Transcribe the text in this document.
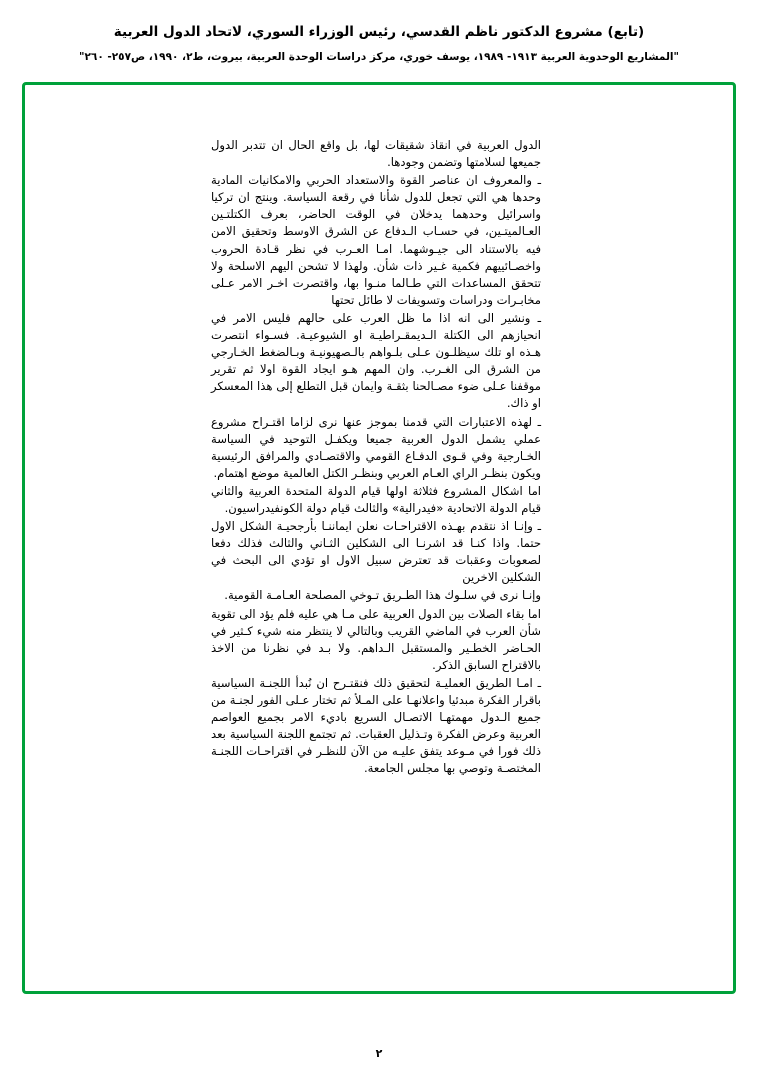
(تابع) مشروع الدكتور ناظم القدسي، رئيس الوزراء السوري، لاتحاد الدول العربية
"المشاريع الوحدوية العربية ١٩١٣- ١٩٨٩، يوسف خوري، مركز دراسات الوحدة العربية، بيروت، ط٢، ١٩٩٠، ص٢٥٧- ٢٦٠"

الدول العربية في انقاذ شقيقات لها، بل واقع الحال ان تتدبر الدول جميعها لسلامتها وتضمن وجودها.

ـ والمعروف ان عناصر القوة والاستعداد الحربي والامكانيات المادية وحدها هي التي تجعل للدول شأنا في رقعة السياسة. وينتج ان تركيا واسرائيل وحدهما يدخلان في الوقت الحاضر، بعرف الكتلتـين العـالميتـين، في حسـاب الـدفاع عن الشرق الاوسط وتحقيق الامن فيه بالاستناد الى جيـوشهما. امـا العـرب في نظر قـادة الحروب واخصـائييهم فكمية غـير ذات شأن. ولهذا لا تشحن اليهم الاسلحة ولا تتحقق المساعدات التي طـالما منـوا بها، واقتصرت اخـر الامر عـلى مخابـرات ودراسات وتسويفات لا طائل تحتها

ـ ونشير الى انه اذا ما ظل العرب على حالهم فليس الامر في انحيازهم الى الكتلة الـديمقـراطيـة او الشيوعيـة. فسـواء انتصرت هـذه او تلك سيظلـون عـلى بلـواهم بالـصهيونيـة وبـالضغط الخـارجي من الشرق الى الغـرب. وان المهم هـو ايجاد القوة اولا ثم تقرير موقفنا عـلى ضوء مصـالحنا بثقـة وايمان قبل التطلع إلى هذا المعسكر او ذاك.

ـ لهذه الاعتبارات التي قدمنا بموجز عنها نرى لزاما اقتـراح مشروع عملي يشمل الدول العربية جميعا ويكفـل التوحيد في السياسة الخـارجية وفي قـوى الدفـاع القومي والاقتصـادي والمرافق الرئيسية ويكون بنظـر الراي العـام العربي وبنظـر الكتل العالمية موضع اهتمام.

اما اشكال المشروع فثلاثة اولها قيام الدولة المتحدة العربية والثاني قيام الدولة الاتحادية «فيدرالية» والثالث قيام دولة الكونفيدراسيون.

ـ وإنـا اذ نتقدم بهـذه الاقتراحـات نعلن ايماننـا بأرجحيـة الشكل الاول حتما. واذا كنـا قد اشرنـا الى الشكلين الثـاني والثالث فذلك دفعا لصعوبات وعقبات قد تعترض سبيل الاول او تؤدي الى البحث في الشكلين الاخرين

وإنـا نرى في سلـوك هذا الطـريق تـوخي المصلحة العـامـة القومية.

اما بقاء الصلات بين الدول العربية على مـا هي عليه فلم يؤد الى تقوية شأن العرب في الماضي القريب وبالتالي لا ينتظر منه شيء كـثير في الحـاضر الخطـير والمستقبل الـداهم. ولا بـد في نظرنا من الاخذ بالاقتراح السابق الذكر.

ـ امـا الطريق العمليـة لتحقيق ذلك فنقتـرح ان نُبدأ اللجنـة السياسية باقرار الفكرة مبدئيا واعلانهـا على المـلأ ثم تختار عـلى الفور لجنـة من جميع الـدول مهمتهـا الاتصـال السريع باديء الامر بجميع العواصم العربية وعرض الفكرة وتـذليل العقبات. ثم تجتمع اللجنة السياسية بعد ذلك فورا في مـوعد يتفق عليـه من الآن للنظـر في اقتراحـات اللجنـة المختصـة وتوصي بها مجلس الجامعة.

٢
